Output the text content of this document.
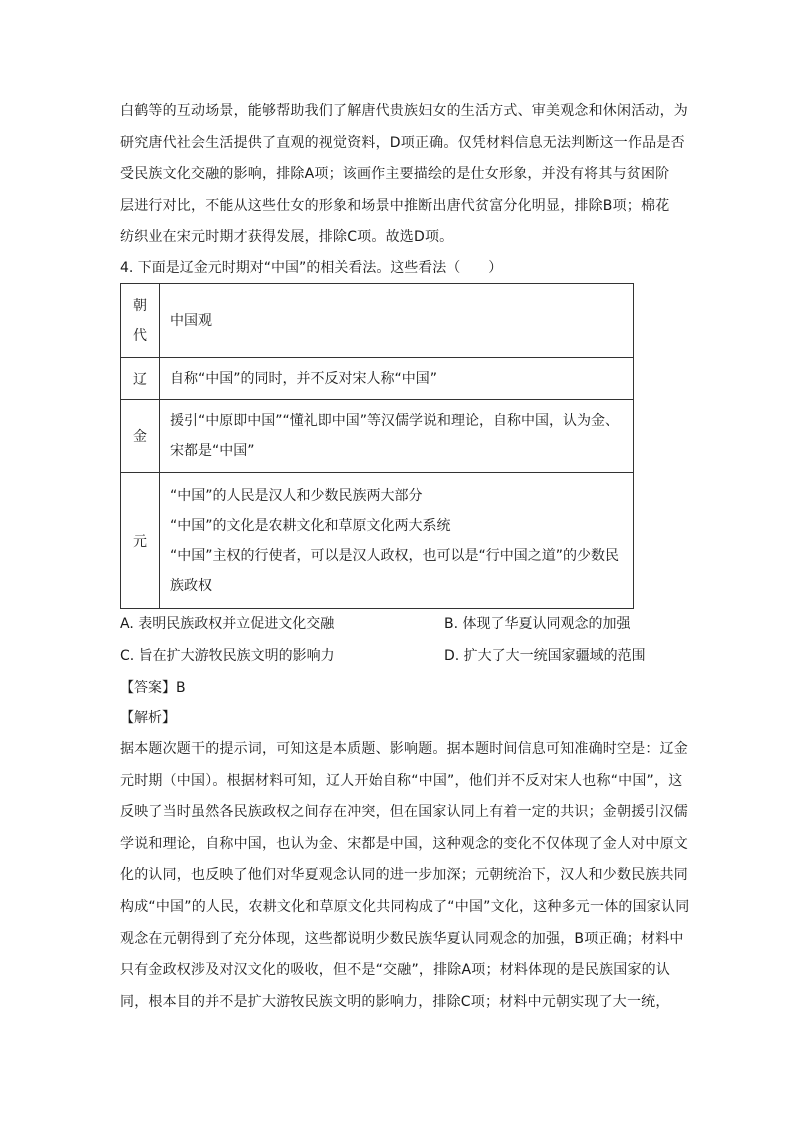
白鹤等的互动场景，能够帮助我们了解唐代贵族妇女的生活方式、审美观念和休闲活动，为
研究唐代社会生活提供了直观的视觉资料，D项正确。仅凭材料信息无法判断这一作品是否
受民族文化交融的影响，排除A项；该画作主要描绘的是仕女形象，并没有将其与贫困阶
层进行对比，不能从这些仕女的形象和场景中推断出唐代贫富分化明显，排除B项；棉花
纺织业在宋元时期才获得发展，排除C项。故选D项。
4. 下面是辽金元时期对“中国”的相关看法。这些看法（　　）
朝
代	中国观

辽	自称“中国”的同时，并不反对宋人称“中国”

金	援引“中原即中国”“懂礼即中国”等汉儒学说和理论，自称中国，认为金、
宋都是“中国”

元	“中国”的人民是汉人和少数民族两大部分
“中国”的文化是农耕文化和草原文化两大系统
“中国”主权的行使者，可以是汉人政权，也可以是“行中国之道”的少数民
族政权
A. 表明民族政权并立促进文化交融	B. 体现了华夏认同观念的加强
C. 旨在扩大游牧民族文明的影响力	D. 扩大了大一统国家疆域的范围
【答案】B
【解析】
据本题次题干的提示词，可知这是本质题、影响题。据本题时间信息可知准确时空是：辽金
元时期（中国）。根据材料可知，辽人开始自称“中国”，他们并不反对宋人也称“中国”，这
反映了当时虽然各民族政权之间存在冲突，但在国家认同上有着一定的共识；金朝援引汉儒
学说和理论，自称中国，也认为金、宋都是中国，这种观念的变化不仅体现了金人对中原文
化的认同，也反映了他们对华夏观念认同的进一步加深；元朝统治下，汉人和少数民族共同
构成“中国”的人民，农耕文化和草原文化共同构成了“中国”文化，这种多元一体的国家认同
观念在元朝得到了充分体现，这些都说明少数民族华夏认同观念的加强，B项正确；材料中
只有金政权涉及对汉文化的吸收，但不是“交融”，排除A项；材料体现的是民族国家的认
同，根本目的并不是扩大游牧民族文明的影响力，排除C项；材料中元朝实现了大一统，
